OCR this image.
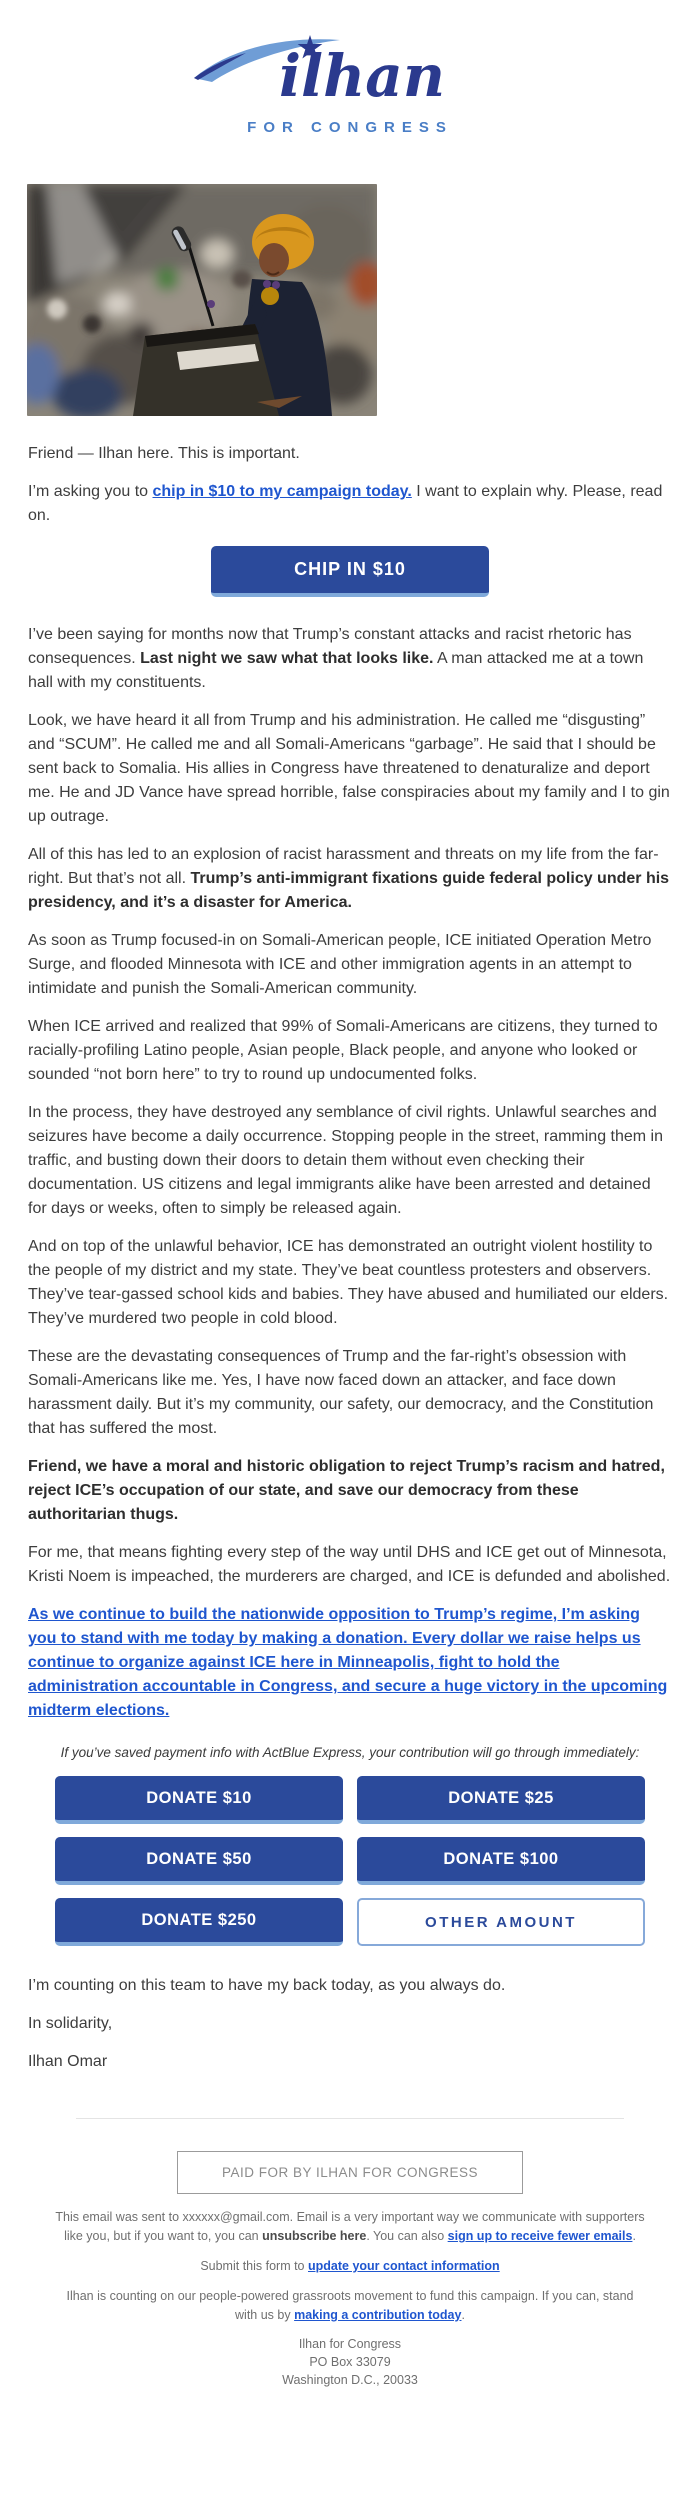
ilhan
FOR CONGRESS

Friend — Ilhan here. This is important.

I’m asking you to chip in $10 to my campaign today. I want to explain why. Please, read on.

CHIP IN $10

I’ve been saying for months now that Trump’s constant attacks and racist rhetoric has consequences. Last night we saw what that looks like. A man attacked me at a town hall with my constituents.

Look, we have heard it all from Trump and his administration. He called me “disgusting” and “SCUM”. He called me and all Somali-Americans “garbage”. He said that I should be sent back to Somalia. His allies in Congress have threatened to denaturalize and deport me. He and JD Vance have spread horrible, false conspiracies about my family and I to gin up outrage.

All of this has led to an explosion of racist harassment and threats on my life from the far-right. But that’s not all. Trump’s anti-immigrant fixations guide federal policy under his presidency, and it’s a disaster for America.

As soon as Trump focused-in on Somali-American people, ICE initiated Operation Metro Surge, and flooded Minnesota with ICE and other immigration agents in an attempt to intimidate and punish the Somali-American community.

When ICE arrived and realized that 99% of Somali-Americans are citizens, they turned to racially-profiling Latino people, Asian people, Black people, and anyone who looked or sounded “not born here” to try to round up undocumented folks.

In the process, they have destroyed any semblance of civil rights. Unlawful searches and seizures have become a daily occurrence. Stopping people in the street, ramming them in traffic, and busting down their doors to detain them without even checking their documentation. US citizens and legal immigrants alike have been arrested and detained for days or weeks, often to simply be released again.

And on top of the unlawful behavior, ICE has demonstrated an outright violent hostility to the people of my district and my state. They’ve beat countless protesters and observers. They’ve tear-gassed school kids and babies. They have abused and humiliated our elders. They’ve murdered two people in cold blood.

These are the devastating consequences of Trump and the far-right’s obsession with Somali-Americans like me. Yes, I have now faced down an attacker, and face down harassment daily. But it’s my community, our safety, our democracy, and the Constitution that has suffered the most.

Friend, we have a moral and historic obligation to reject Trump’s racism and hatred, reject ICE’s occupation of our state, and save our democracy from these authoritarian thugs.

For me, that means fighting every step of the way until DHS and ICE get out of Minnesota, Kristi Noem is impeached, the murderers are charged, and ICE is defunded and abolished.

As we continue to build the nationwide opposition to Trump’s regime, I’m asking you to stand with me today by making a donation. Every dollar we raise helps us continue to organize against ICE here in Minneapolis, fight to hold the administration accountable in Congress, and secure a huge victory in the upcoming midterm elections.

If you’ve saved payment info with ActBlue Express, your contribution will go through immediately:

DONATE $10	DONATE $25
DONATE $50	DONATE $100
DONATE $250	OTHER AMOUNT

I’m counting on this team to have my back today, as you always do.

In solidarity,

Ilhan Omar

PAID FOR BY ILHAN FOR CONGRESS

This email was sent to xxxxxx@gmail.com. Email is a very important way we communicate with supporters like you, but if you want to, you can unsubscribe here. You can also sign up to receive fewer emails.

Submit this form to update your contact information

Ilhan is counting on our people-powered grassroots movement to fund this campaign. If you can, stand with us by making a contribution today.

Ilhan for Congress
PO Box 33079
Washington D.C., 20033
